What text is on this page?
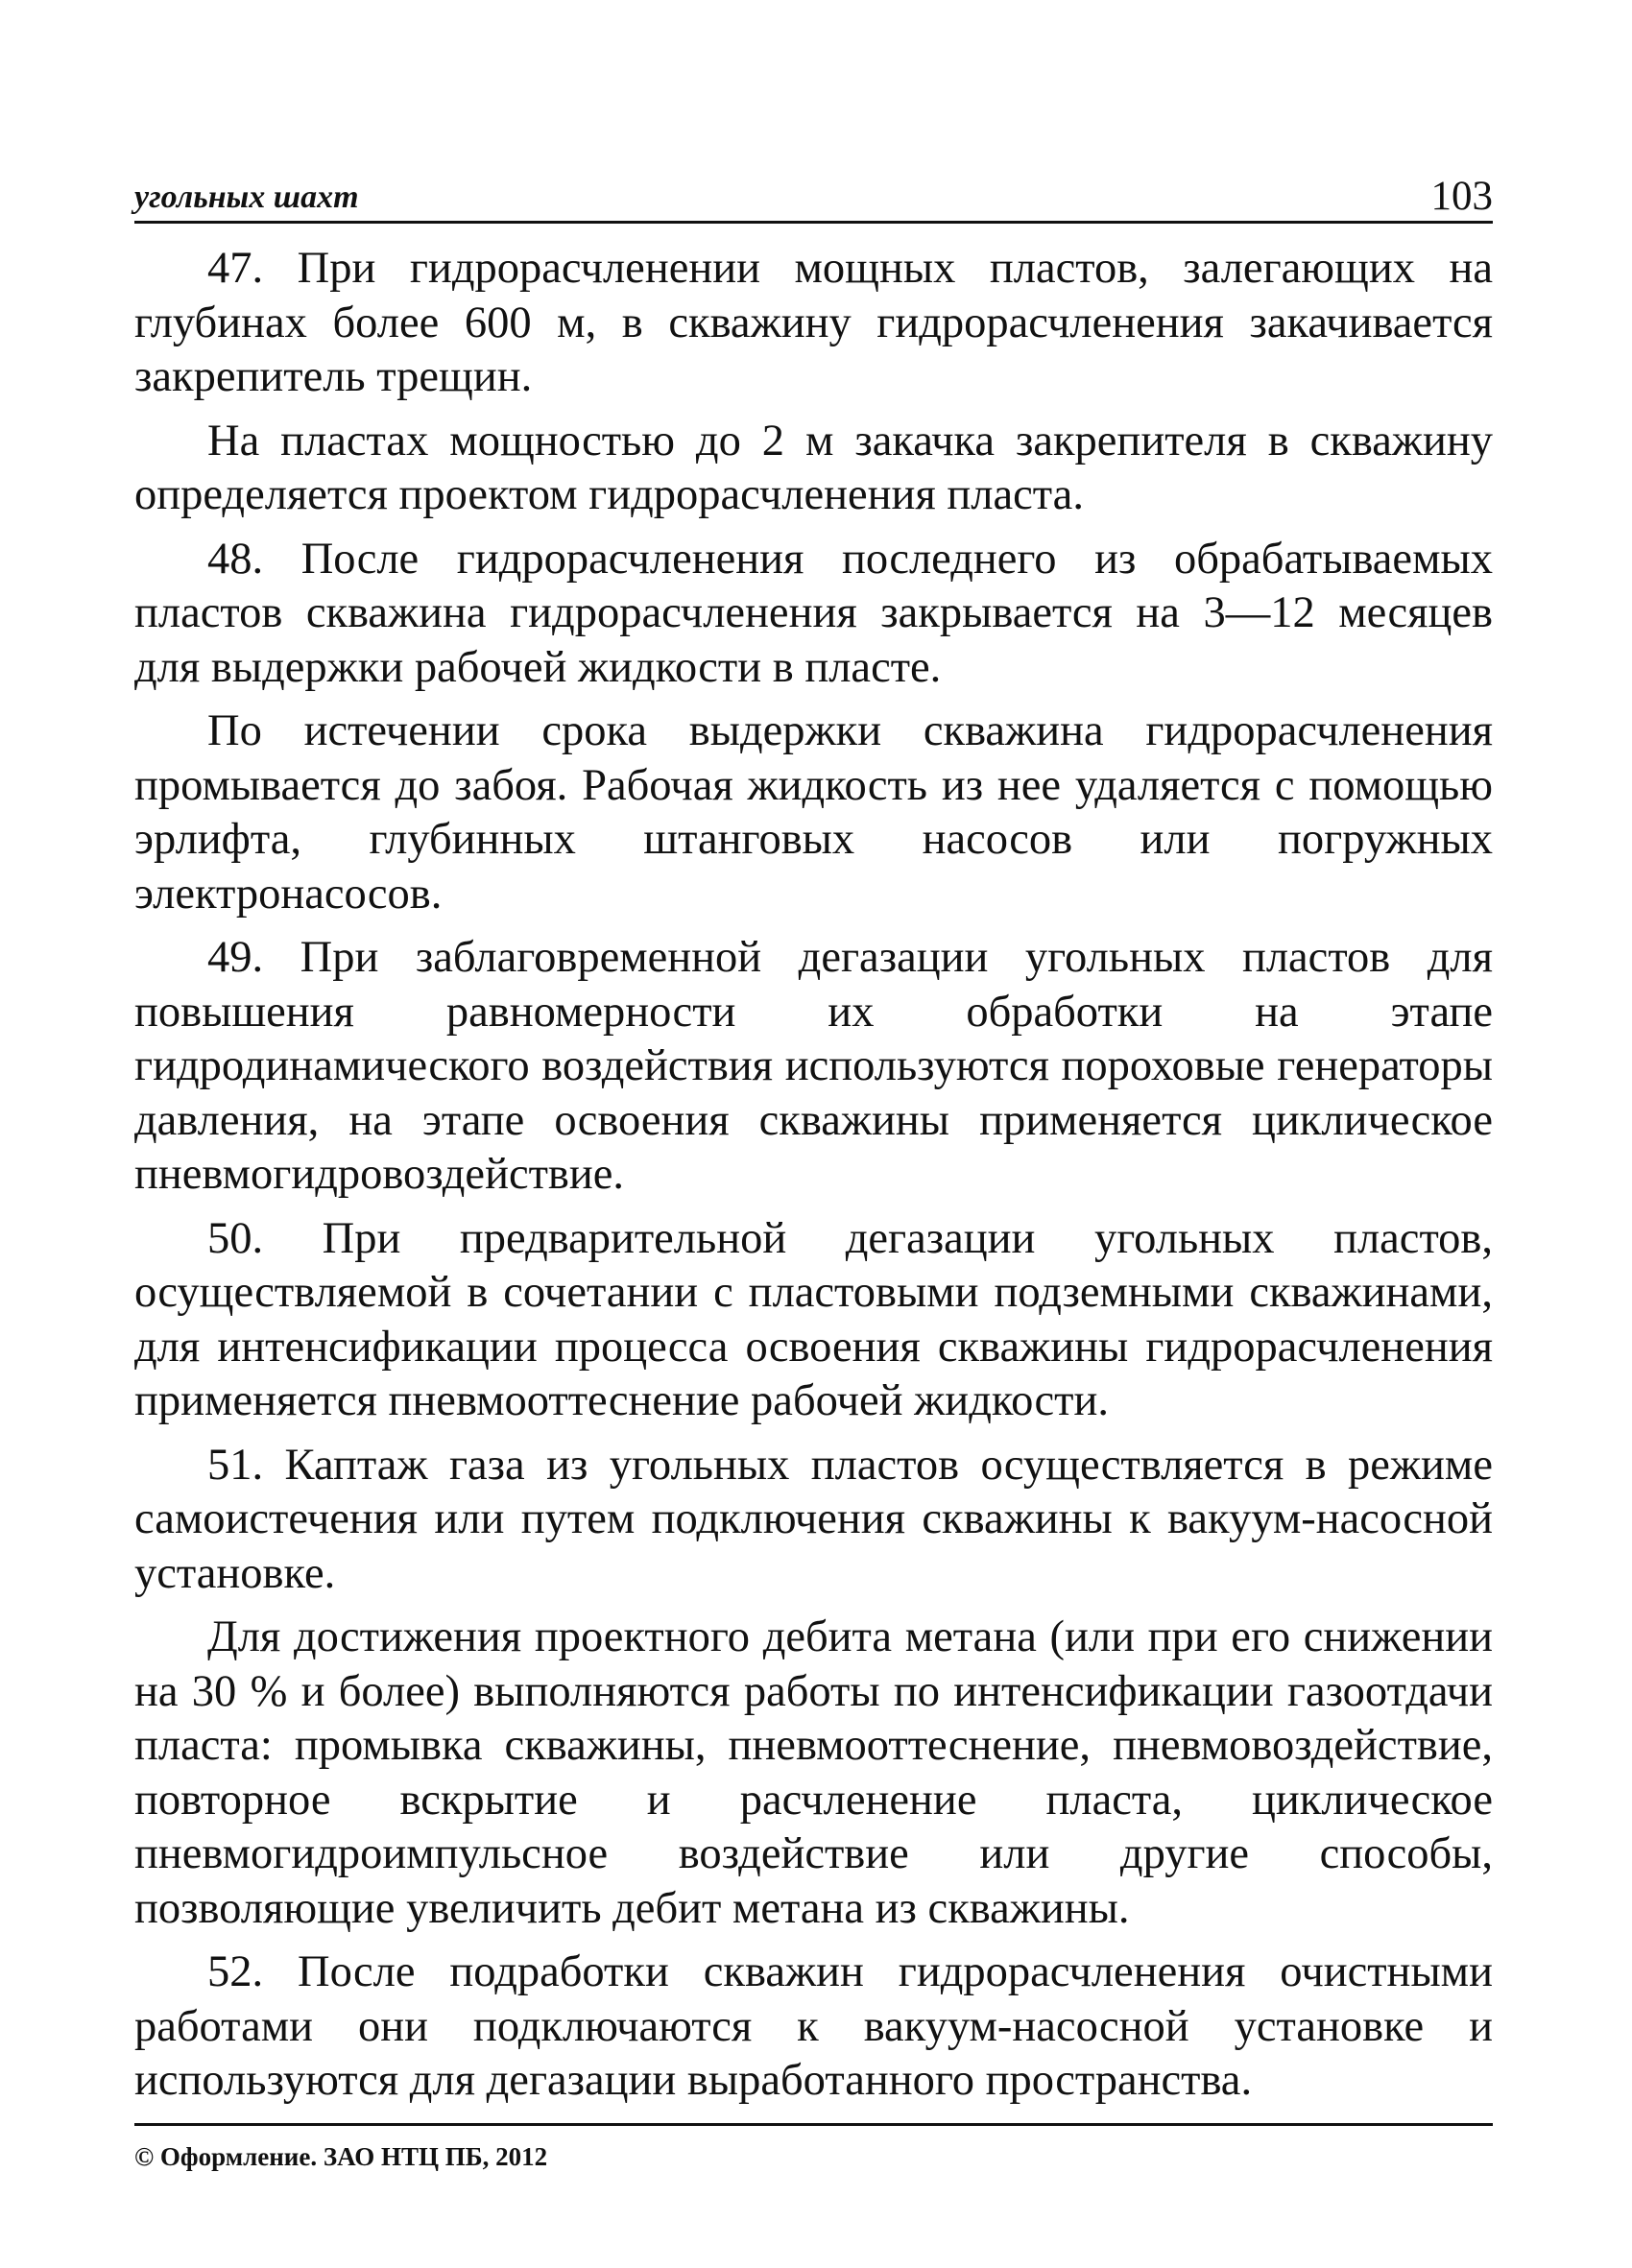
угольных шахт	103

47. При гидрорасчленении мощных пластов, залегающих на глубинах более 600 м, в скважину гидрорасчленения закачивается закрепитель трещин.

На пластах мощностью до 2 м закачка закрепителя в скважину определяется проектом гидрорасчленения пласта.

48. После гидрорасчленения последнего из обрабатываемых пластов скважина гидрорасчленения закрывается на 3—12 месяцев для выдержки рабочей жидкости в пласте.

По истечении срока выдержки скважина гидрорасчленения промывается до забоя. Рабочая жидкость из нее удаляется с помощью эрлифта, глубинных штанговых насосов или погружных электронасосов.

49. При заблаговременной дегазации угольных пластов для повышения равномерности их обработки на этапе гидродинамического воздействия используются пороховые генераторы давления, на этапе освоения скважины применяется циклическое пневмогидровоздействие.

50. При предварительной дегазации угольных пластов, осуществляемой в сочетании с пластовыми подземными скважинами, для интенсификации процесса освоения скважины гидрорасчленения применяется пневмооттеснение рабочей жидкости.

51. Каптаж газа из угольных пластов осуществляется в режиме самоистечения или путем подключения скважины к вакуум-насосной установке.

Для достижения проектного дебита метана (или при его снижении на 30 % и более) выполняются работы по интенсификации газоотдачи пласта: промывка скважины, пневмооттеснение, пневмовоздействие, повторное вскрытие и расчленение пласта, циклическое пневмогидроимпульсное воздействие или другие способы, позволяющие увеличить дебит метана из скважины.

52. После подработки скважин гидрорасчленения очистными работами они подключаются к вакуум-насосной установке и используются для дегазации выработанного пространства.

© Оформление. ЗАО НТЦ ПБ, 2012
